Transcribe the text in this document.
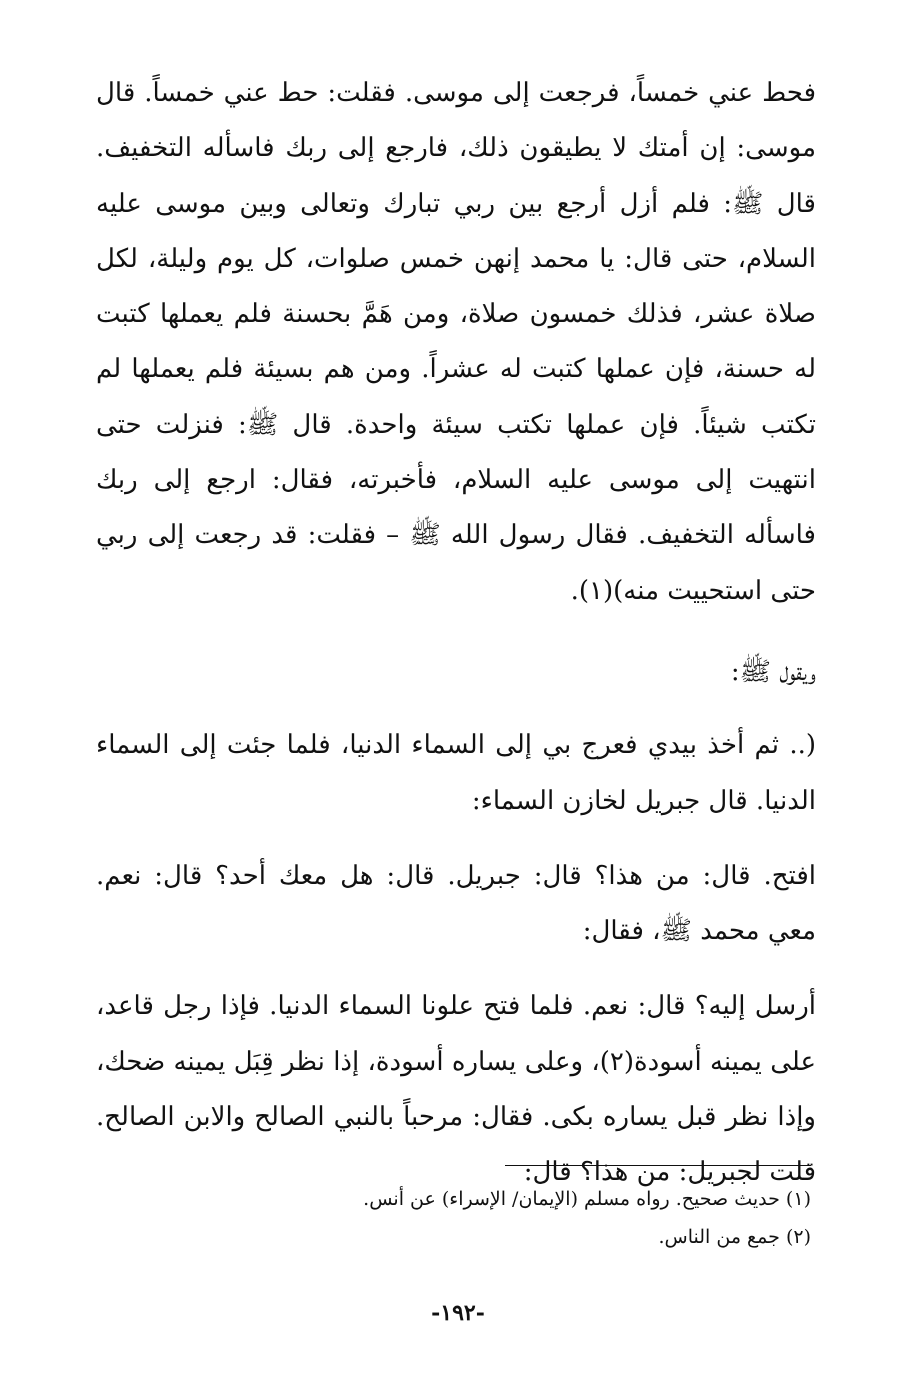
فحط عني خمساً، فرجعت إلى موسى. فقلت: حط عني خمساً. قال موسى: إن أمتك لا يطيقون ذلك، فارجع إلى ربك فاسأله التخفيف. قال ﷺ: فلم أزل أرجع بين ربي تبارك وتعالى وبين موسى عليه السلام، حتى قال: يا محمد إنهن خمس صلوات، كل يوم وليلة، لكل صلاة عشر، فذلك خمسون صلاة، ومن هَمَّ بحسنة فلم يعملها كتبت له حسنة، فإن عملها كتبت له عشراً. ومن هم بسيئة فلم يعملها لم تكتب شيئاً. فإن عملها تكتب سيئة واحدة. قال ﷺ: فنزلت حتى انتهيت إلى موسى عليه السلام، فأخبرته، فقال: ارجع إلى ربك فاسأله التخفيف. فقال رسول الله ﷺ – فقلت: قد رجعت إلى ربي حتى استحييت منه)(١).

ويقول ﷺ:

(.. ثم أخذ بيدي فعرج بي إلى السماء الدنيا، فلما جئت إلى السماء الدنيا. قال جبريل لخازن السماء:

افتح. قال: من هذا؟ قال: جبريل. قال: هل معك أحد؟ قال: نعم. معي محمد ﷺ، فقال:

أرسل إليه؟ قال: نعم. فلما فتح علونا السماء الدنيا. فإذا رجل قاعد، على يمينه أسودة(٢)، وعلى يساره أسودة، إذا نظر قِبَل يمينه ضحك، وإذا نظر قبل يساره بكى. فقال: مرحباً بالنبي الصالح والابن الصالح. قلت لجبريل: من هذا؟ قال:

(١) حديث صحيح. رواه مسلم (الإيمان/ الإسراء) عن أنس.

(٢) جمع من الناس.

-١٩٢-
